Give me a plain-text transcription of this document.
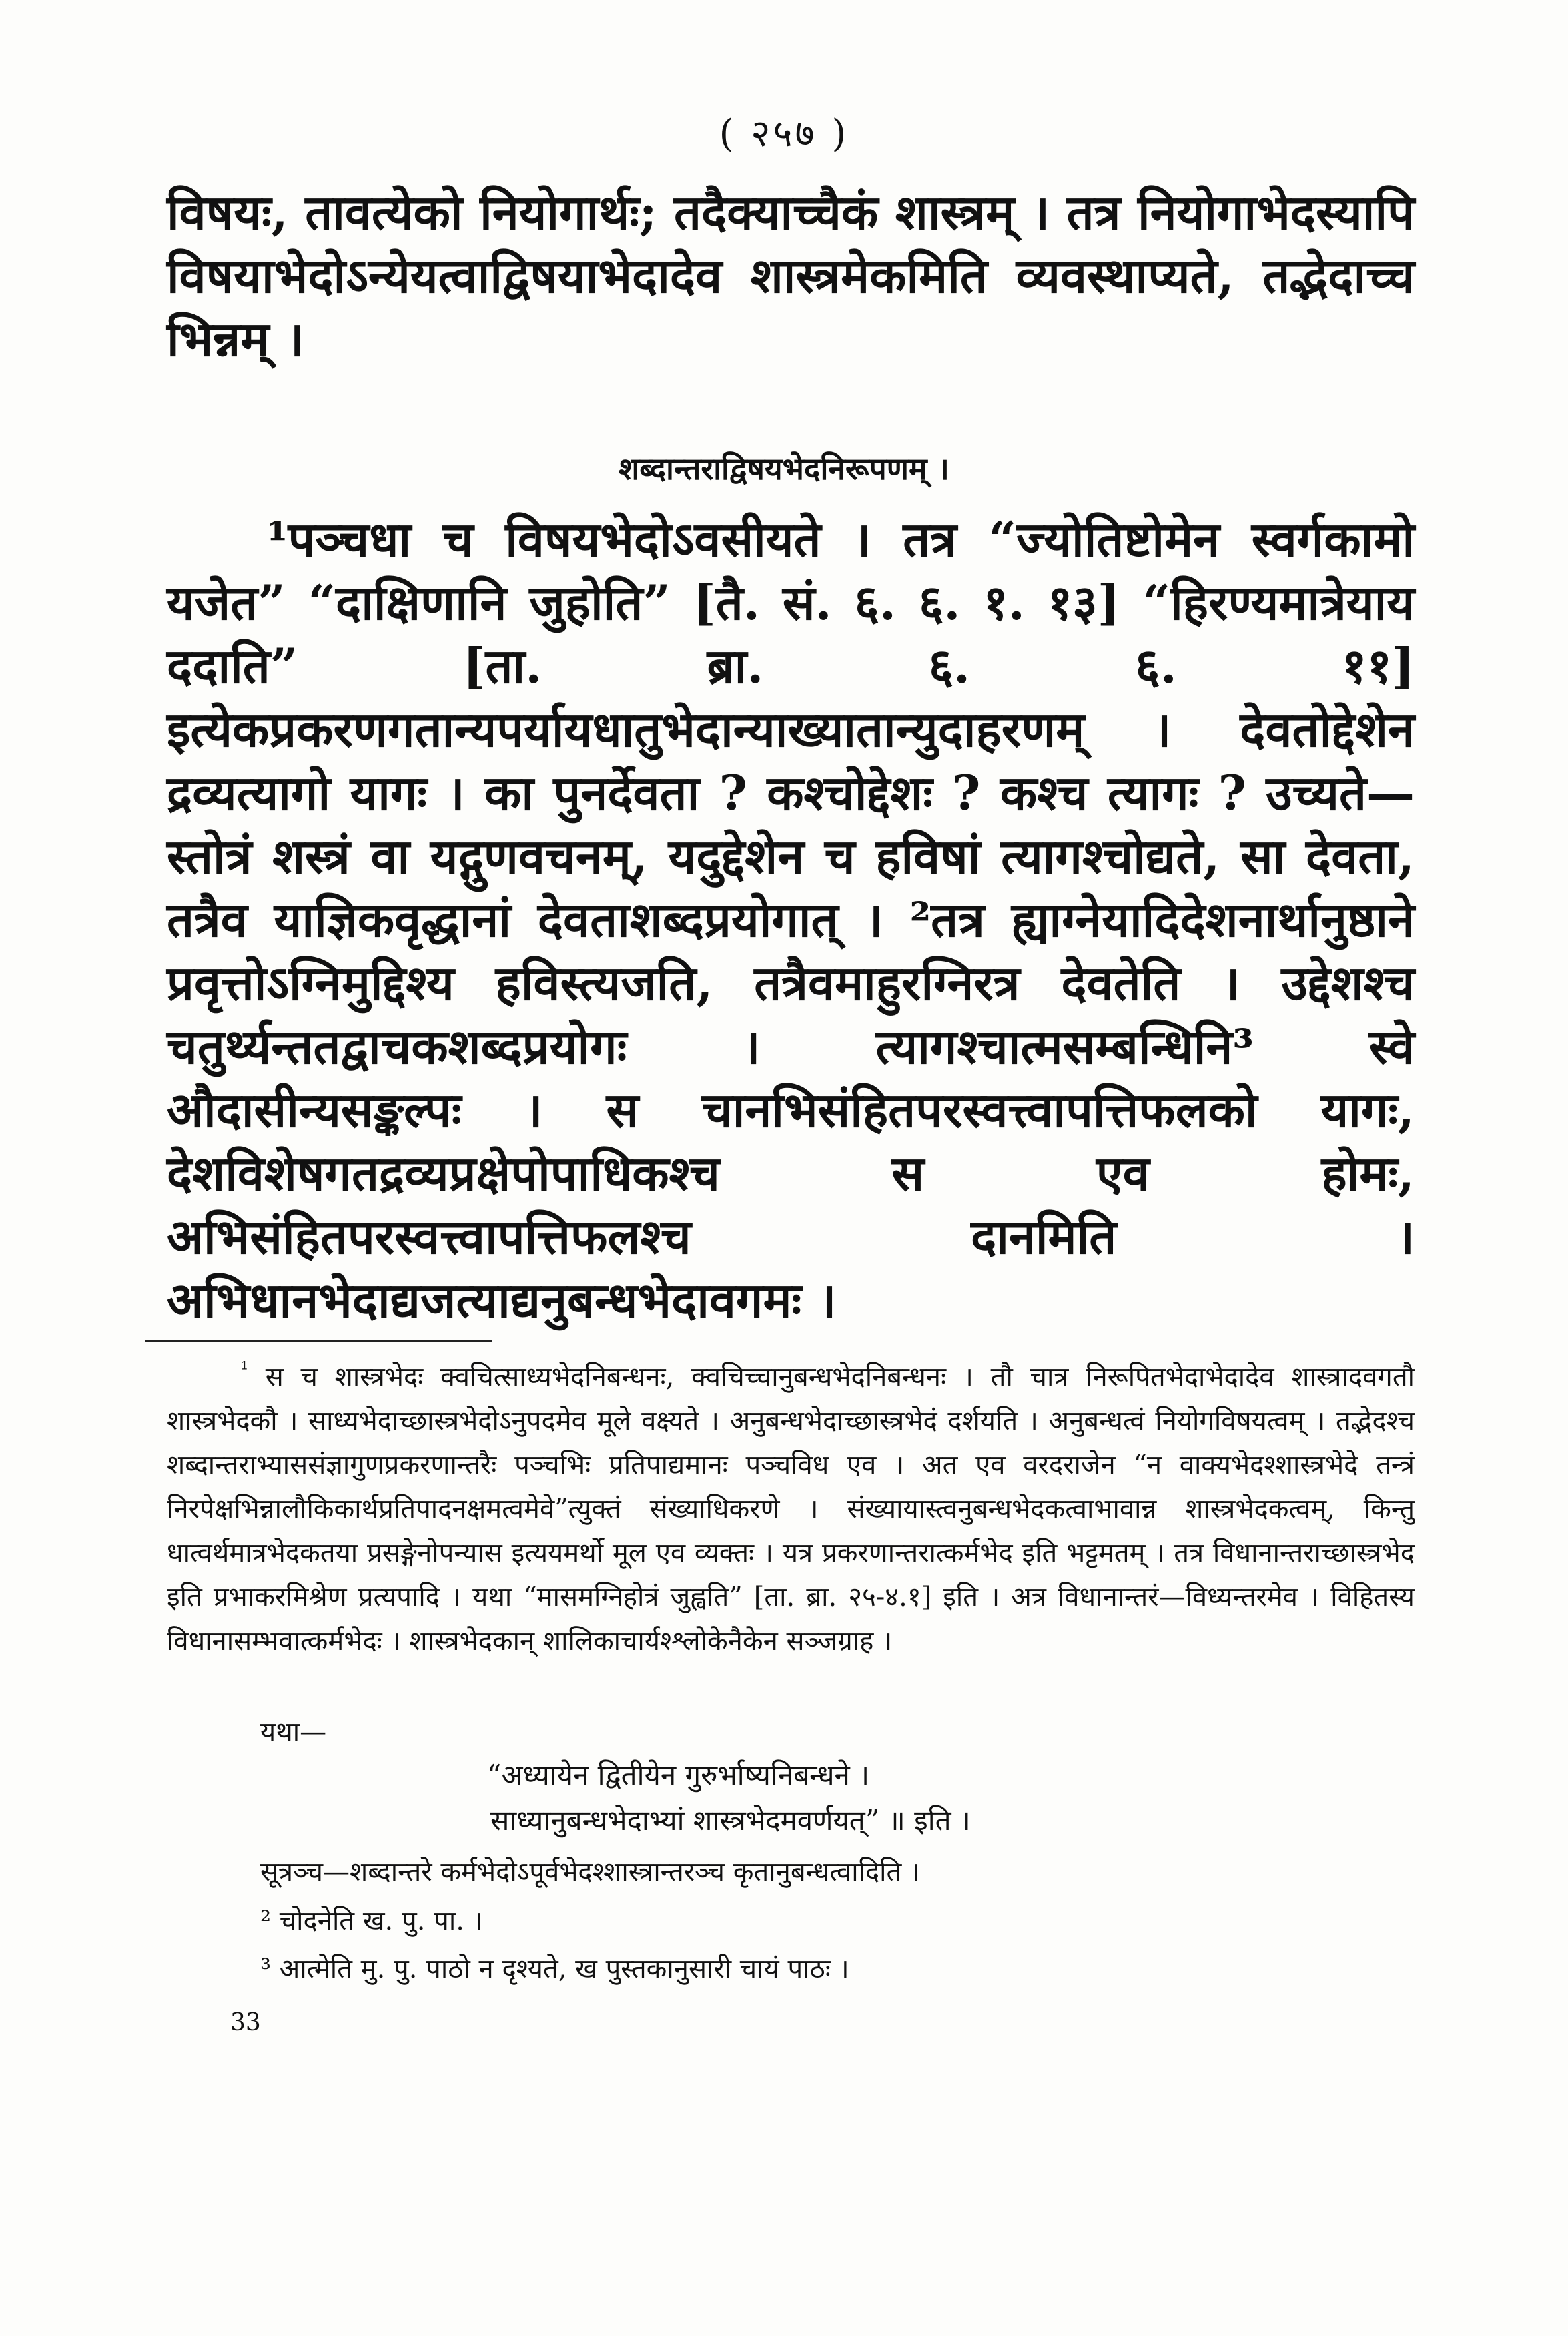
( २५७ )

विषयः, तावत्येको नियोगार्थः; तदैक्याच्चैकं शास्त्रम् । तत्र नियोगाभेदस्यापि विषयाभेदोऽन्येयत्वाद्विषयाभेदादेव शास्त्रमेकमिति व्यवस्थाप्यते, तद्भेदाच्च भिन्नम् ।

शब्दान्तराद्विषयभेदनिरूपणम् ।

¹पञ्चधा च विषयभेदोऽवसीयते । तत्र “ज्योतिष्टोमेन स्वर्गकामो यजेत” “दाक्षिणानि जुहोति” [तै. सं. ६. ६. १. १३] “हिरण्यमात्रेयाय ददाति” [ता. ब्रा. ६. ६. ११] इत्येकप्रकरणगतान्यपर्यायधातुभेदान्याख्यातान्युदाहरणम् । देवतोद्देशेन द्रव्यत्यागो यागः । का पुनर्देवता ? कश्चोद्देशः ? कश्च त्यागः ? उच्यते—स्तोत्रं शस्त्रं वा यद्गुणवचनम्, यदुद्देशेन च हविषां त्यागश्चोद्यते, सा देवता, तत्रैव याज्ञिकवृद्धानां देवताशब्दप्रयोगात् । ²तत्र ह्याग्नेयादिदेशनार्थानुष्ठाने प्रवृत्तोऽग्निमुद्दिश्य हविस्त्यजति, तत्रैवमाहुरग्निरत्र देवतेति । उद्देशश्च चतुर्थ्यन्ततद्वाचकशब्दप्रयोगः । त्यागश्चात्मसम्बन्धिनि³ स्वे औदासीन्यसङ्कल्पः । स चानभिसंहितपरस्वत्त्वापत्तिफलको यागः, देशविशेषगतद्रव्यप्रक्षेपोपाधिकश्च स एव होमः, अभिसंहितपरस्वत्त्वापत्तिफलश्च दानमिति । अभिधानभेदाद्यजत्याद्यनुबन्धभेदावगमः ।

$^{^1}$ स च शास्त्रभेदः क्वचित्साध्यभेदनिबन्धनः, क्वचिच्चानुबन्धभेदनिबन्धनः । तौ चात्र निरूपितभेदाभेदादेव शास्त्रादवगतौ शास्त्रभेदकौ । साध्यभेदाच्छास्त्रभेदोऽनुपदमेव मूले वक्ष्यते । अनुबन्धभेदाच्छास्त्रभेदं दर्शयति । अनुबन्धत्वं नियोगविषयत्वम् । तद्भेदश्च शब्दान्तराभ्याससंज्ञागुणप्रकरणान्तरैः पञ्चभिः प्रतिपाद्यमानः पञ्चविध एव । अत एव वरदराजेन “न वाक्यभेदश्शास्त्रभेदे तन्त्रं निरपेक्षभिन्नालौकिकार्थप्रतिपादनक्षमत्वमेवे”त्युक्तं संख्याधिकरणे । संख्यायास्त्वनुबन्धभेदकत्वाभावान्न शास्त्रभेदकत्वम्, किन्तु धात्वर्थमात्रभेदकतया प्रसङ्गेनोपन्यास इत्ययमर्थो मूल एव व्यक्तः । यत्र प्रकरणान्तरात्कर्मभेद इति भट्टमतम् । तत्र विधानान्तराच्छास्त्रभेद इति प्रभाकरमिश्रेण प्रत्यपादि । यथा “मासमग्निहोत्रं जुह्वति” [ता. ब्रा. २५-४.१] इति । अत्र विधानान्तरं—विध्यन्तरमेव । विहितस्य विधानासम्भवात्कर्मभेदः । शास्त्रभेदकान् शालिकाचार्यश्श्लोकेनैकेन सञ्जग्राह ।

यथा—
“अध्यायेन द्वितीयेन गुरुर्भाष्यनिबन्धने ।
साध्यानुबन्धभेदाभ्यां शास्त्रभेदमवर्णयत्” ॥ इति ।
सूत्रञ्च—शब्दान्तरे कर्मभेदोऽपूर्वभेदश्शास्त्रान्तरञ्च कृतानुबन्धत्वादिति ।
² चोदनेति ख. पु. पा. ।
³ आत्मेति मु. पु. पाठो न दृश्यते, ख पुस्तकानुसारी चायं पाठः ।
33
